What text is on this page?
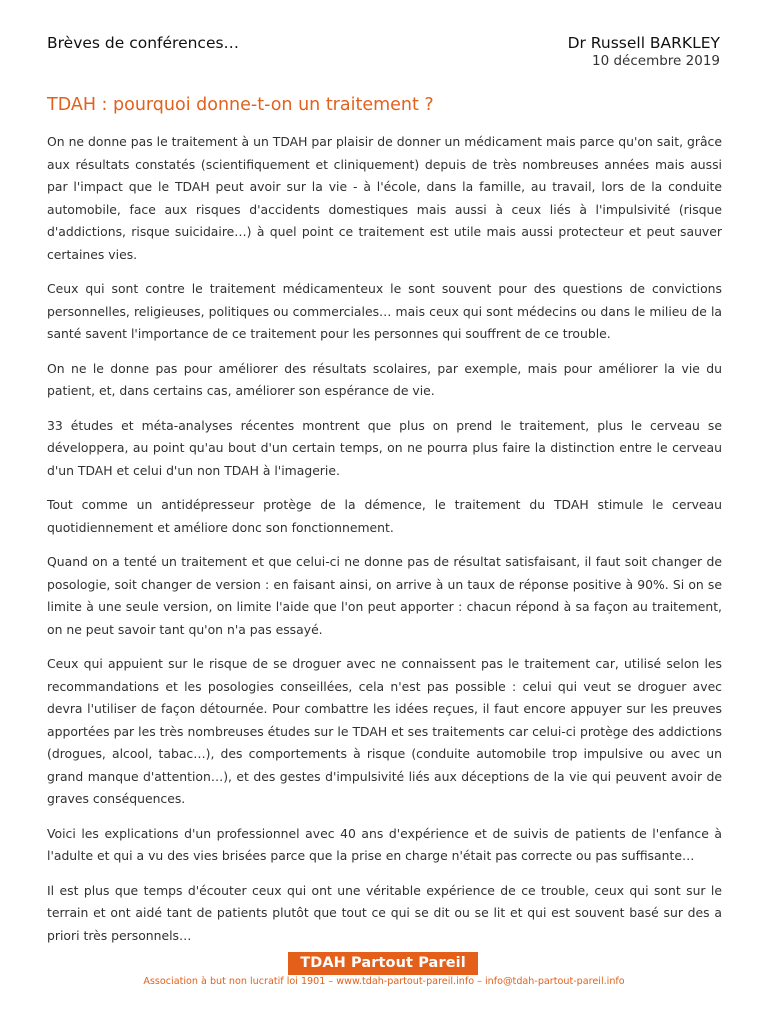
Brèves de conférences…	Dr Russell BARKLEY
10 décembre 2019
TDAH : pourquoi donne-t-on un traitement ?

On ne donne pas le traitement à un TDAH par plaisir de donner un médicament mais parce qu'on sait, grâce aux résultats constatés (scientifiquement et cliniquement) depuis de très nombreuses années mais aussi par l'impact que le TDAH peut avoir sur la vie - à l'école, dans la famille, au travail, lors de la conduite automobile, face aux risques d'accidents domestiques mais aussi à ceux liés à l'impulsivité (risque d'addictions, risque suicidaire…) à quel point ce traitement est utile mais aussi protecteur et peut sauver certaines vies.

Ceux qui sont contre le traitement médicamenteux le sont souvent pour des questions de convictions personnelles, religieuses, politiques ou commerciales… mais ceux qui sont médecins ou dans le milieu de la santé savent l'importance de ce traitement pour les personnes qui souffrent de ce trouble.

On ne le donne pas pour améliorer des résultats scolaires, par exemple, mais pour améliorer la vie du patient, et, dans certains cas, améliorer son espérance de vie.

33 études et méta-analyses récentes montrent que plus on prend le traitement, plus le cerveau se développera, au point qu'au bout d'un certain temps, on ne pourra plus faire la distinction entre le cerveau d'un TDAH et celui d'un non TDAH à l'imagerie.

Tout comme un antidépresseur protège de la démence, le traitement du TDAH stimule le cerveau quotidiennement et améliore donc son fonctionnement.

Quand on a tenté un traitement et que celui-ci ne donne pas de résultat satisfaisant, il faut soit changer de posologie, soit changer de version : en faisant ainsi, on arrive à un taux de réponse positive à 90%. Si on se limite à une seule version, on limite l'aide que l'on peut apporter : chacun répond à sa façon au traitement, on ne peut savoir tant qu'on n'a pas essayé.

Ceux qui appuient sur le risque de se droguer avec ne connaissent pas le traitement car, utilisé selon les recommandations et les posologies conseillées, cela n'est pas possible : celui qui veut se droguer avec devra l'utiliser de façon détournée. Pour combattre les idées reçues, il faut encore appuyer sur les preuves apportées par les très nombreuses études sur le TDAH et ses traitements car celui-ci protège des addictions (drogues, alcool, tabac…), des comportements à risque (conduite automobile trop impulsive ou avec un grand manque d'attention…), et des gestes d'impulsivité liés aux déceptions de la vie qui peuvent avoir de graves conséquences.

Voici les explications d'un professionnel avec 40 ans d'expérience et de suivis de patients de l'enfance à l'adulte et qui a vu des vies brisées parce que la prise en charge n'était pas correcte ou pas suffisante…

Il est plus que temps d'écouter ceux qui ont une véritable expérience de ce trouble, ceux qui sont sur le terrain et ont aidé tant de patients plutôt que tout ce qui se dit ou se lit et qui est souvent basé sur des a priori très personnels…

TDAH Partout Pareil
Association à but non lucratif loi 1901 – www.tdah-partout-pareil.info – info@tdah-partout-pareil.info
